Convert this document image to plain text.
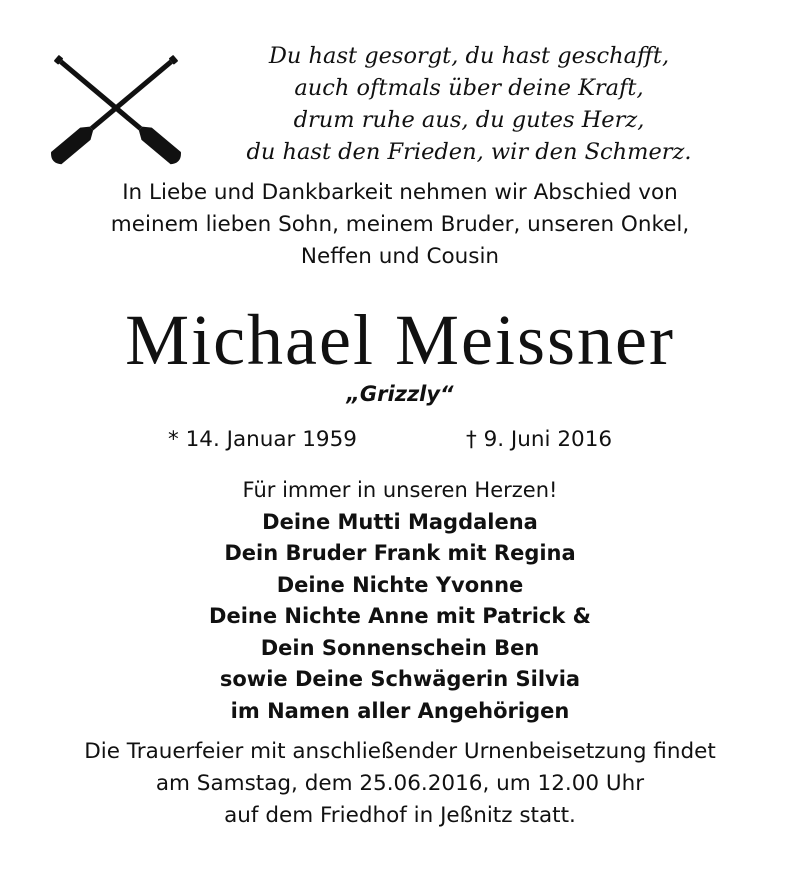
Du hast gesorgt, du hast geschafft,
auch oftmals über deine Kraft,
drum ruhe aus, du gutes Herz,
du hast den Frieden, wir den Schmerz.
In Liebe und Dankbarkeit nehmen wir Abschied von
meinem lieben Sohn, meinem Bruder, unseren Onkel,
Neffen und Cousin
Michael Meissner
„Grizzly“
* 14. Januar 1959	† 9. Juni 2016
Für immer in unseren Herzen!
Deine Mutti Magdalena
Dein Bruder Frank mit Regina
Deine Nichte Yvonne
Deine Nichte Anne mit Patrick &
Dein Sonnenschein Ben
sowie Deine Schwägerin Silvia
im Namen aller Angehörigen
Die Trauerfeier mit anschließender Urnenbeisetzung findet
am Samstag, dem 25.06.2016, um 12.00 Uhr
auf dem Friedhof in Jeßnitz statt.
